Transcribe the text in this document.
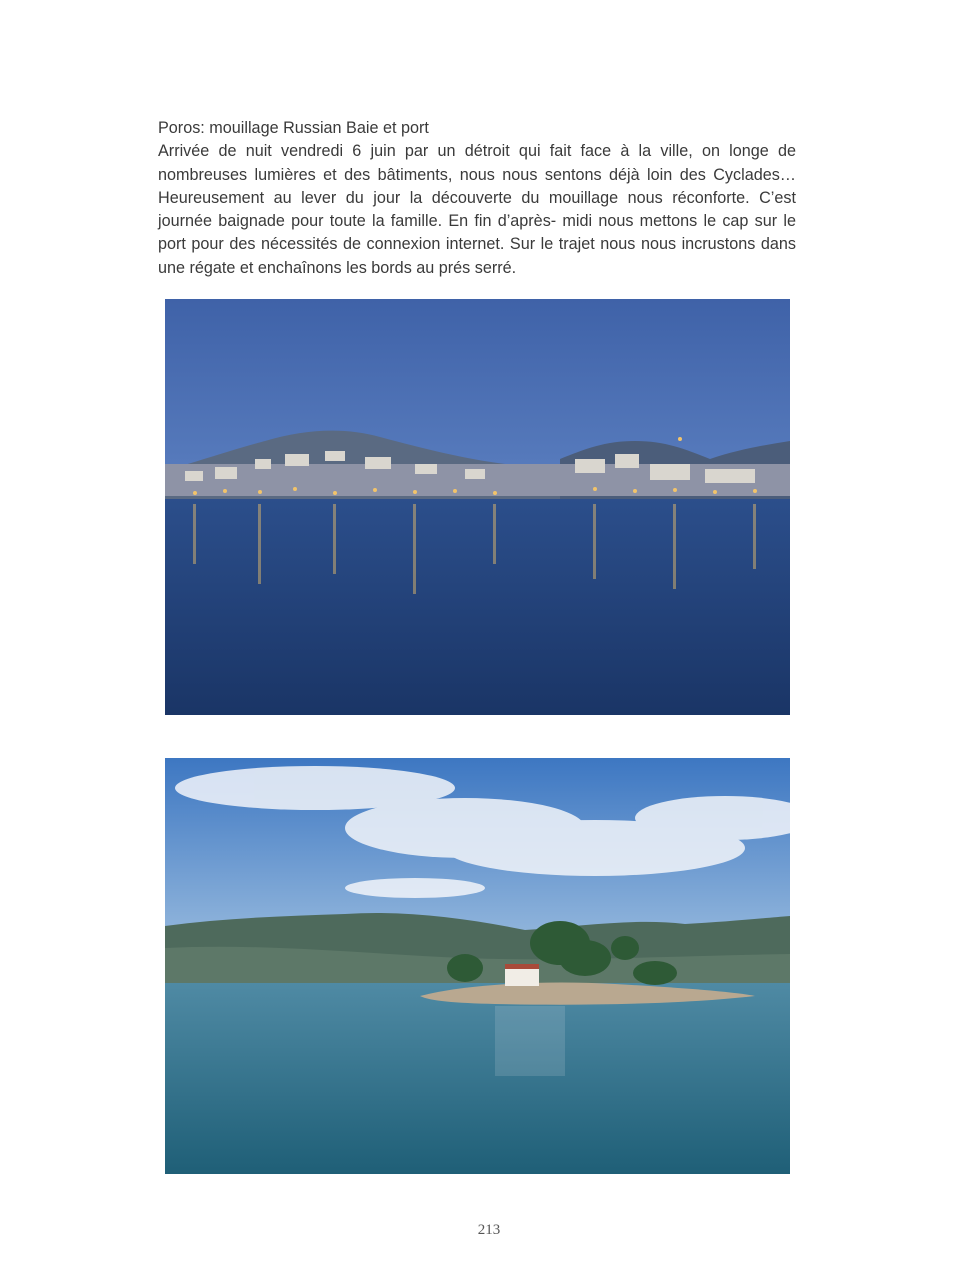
Poros: mouillage Russian Baie et port

Arrivée de nuit vendredi 6 juin par un détroit qui fait face à la ville, on longe de nombreuses lumières et des bâtiments, nous nous sentons déjà loin des Cyclades… Heureusement au lever du jour la découverte du mouillage nous réconforte. C’est journée baignade pour toute la famille. En fin d’après- midi nous mettons le cap sur le port pour des nécessités de connexion internet. Sur le trajet nous nous incrustons dans une régate et enchaînons les bords au prés serré.

213
